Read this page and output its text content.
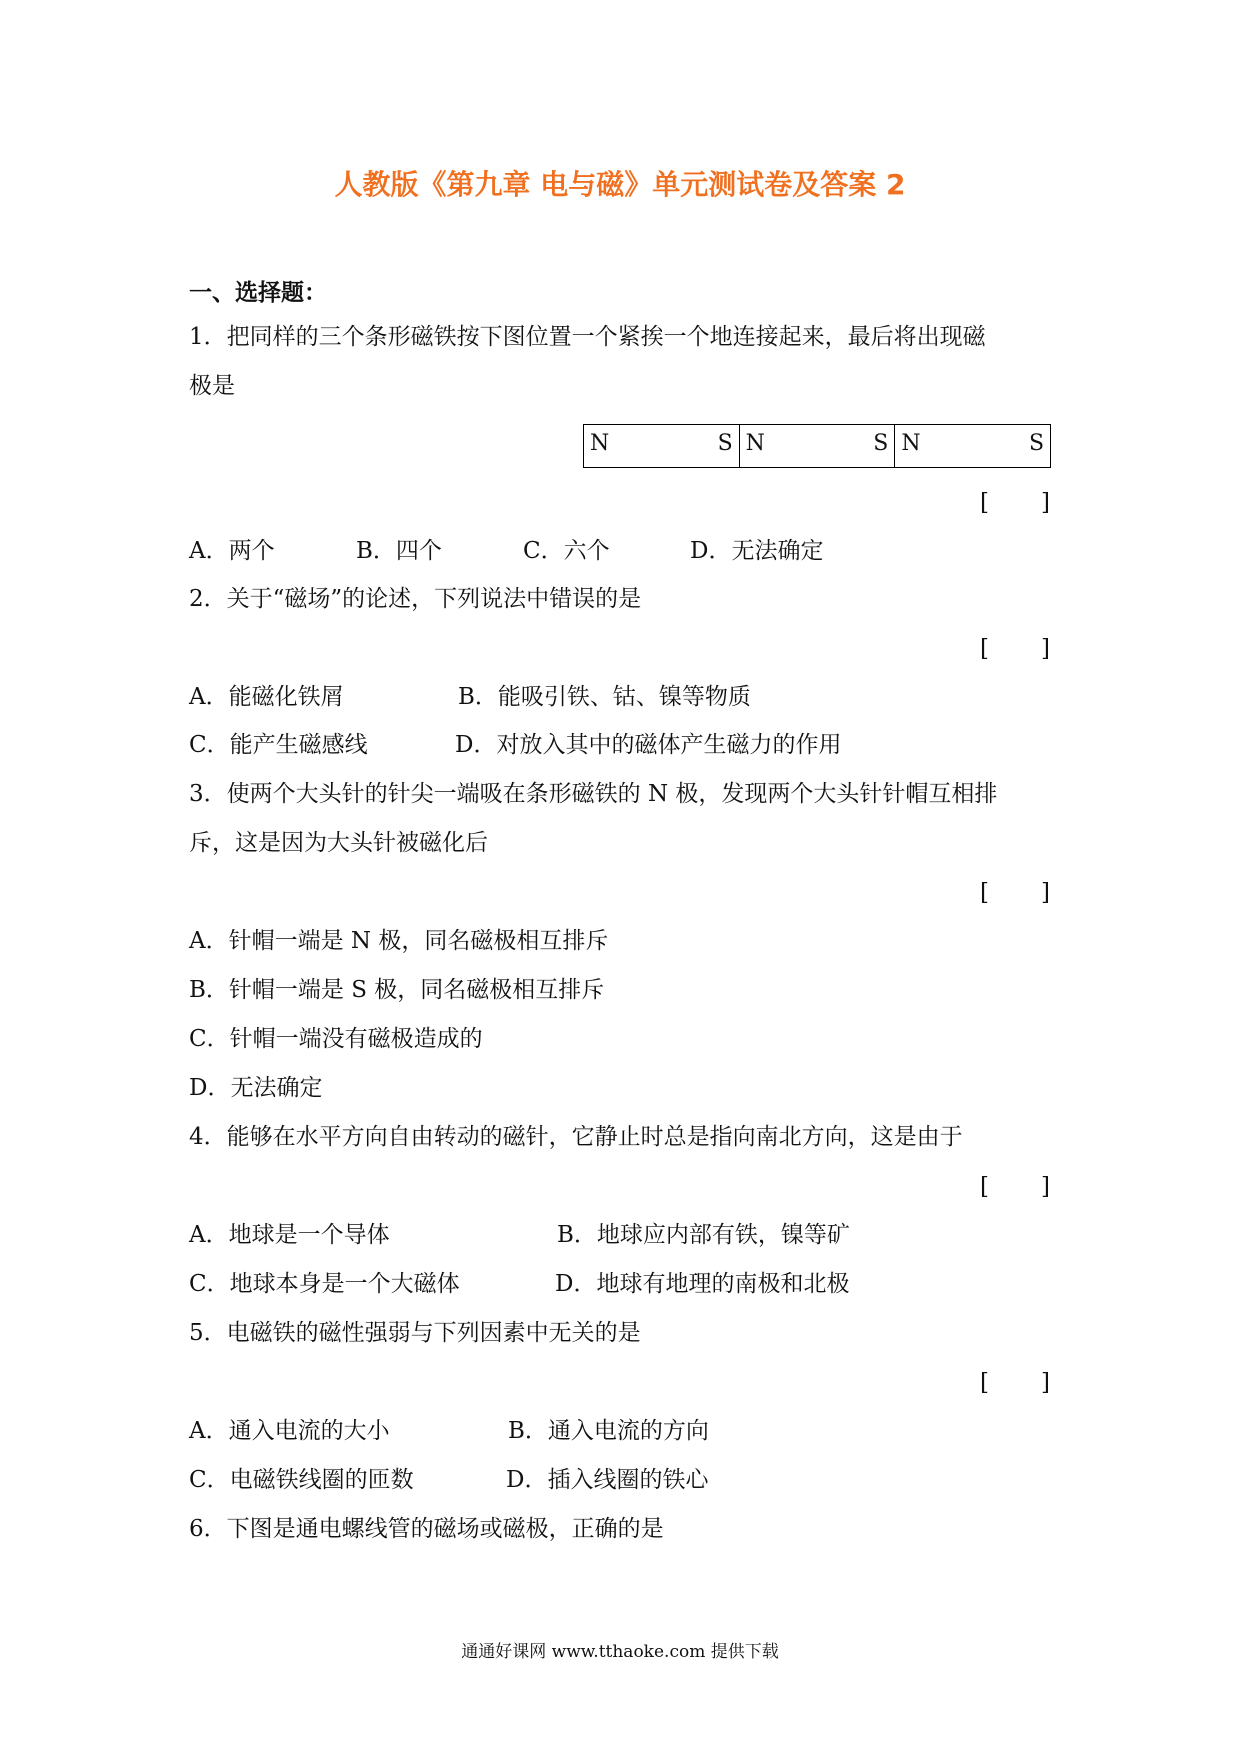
人教版《第九章 电与磁》单元测试卷及答案 2
一、选择题：
1．把同样的三个条形磁铁按下图位置一个紧挨一个地连接起来，最后将出现磁
极是
N	S N	S N	S
[ ]
A．两个	B．四个	C．六个	D．无法确定
2．关于“磁场”的论述，下列说法中错误的是
[ ]
A．能磁化铁屑	B．能吸引铁、钴、镍等物质
C．能产生磁感线	D．对放入其中的磁体产生磁力的作用
3．使两个大头针的针尖一端吸在条形磁铁的 N 极，发现两个大头针针帽互相排
斥，这是因为大头针被磁化后
[ ]
A．针帽一端是 N 极，同名磁极相互排斥
B．针帽一端是 S 极，同名磁极相互排斥
C．针帽一端没有磁极造成的
D．无法确定
4．能够在水平方向自由转动的磁针，它静止时总是指向南北方向，这是由于
[ ]
A．地球是一个导体	B．地球应内部有铁，镍等矿
C．地球本身是一个大磁体	D．地球有地理的南极和北极
5．电磁铁的磁性强弱与下列因素中无关的是
[ ]
A．通入电流的大小	B．通入电流的方向
C．电磁铁线圈的匝数	D．插入线圈的铁心
6．下图是通电螺线管的磁场或磁极，正确的是
通通好课网 www.tthaoke.com 提供下载
